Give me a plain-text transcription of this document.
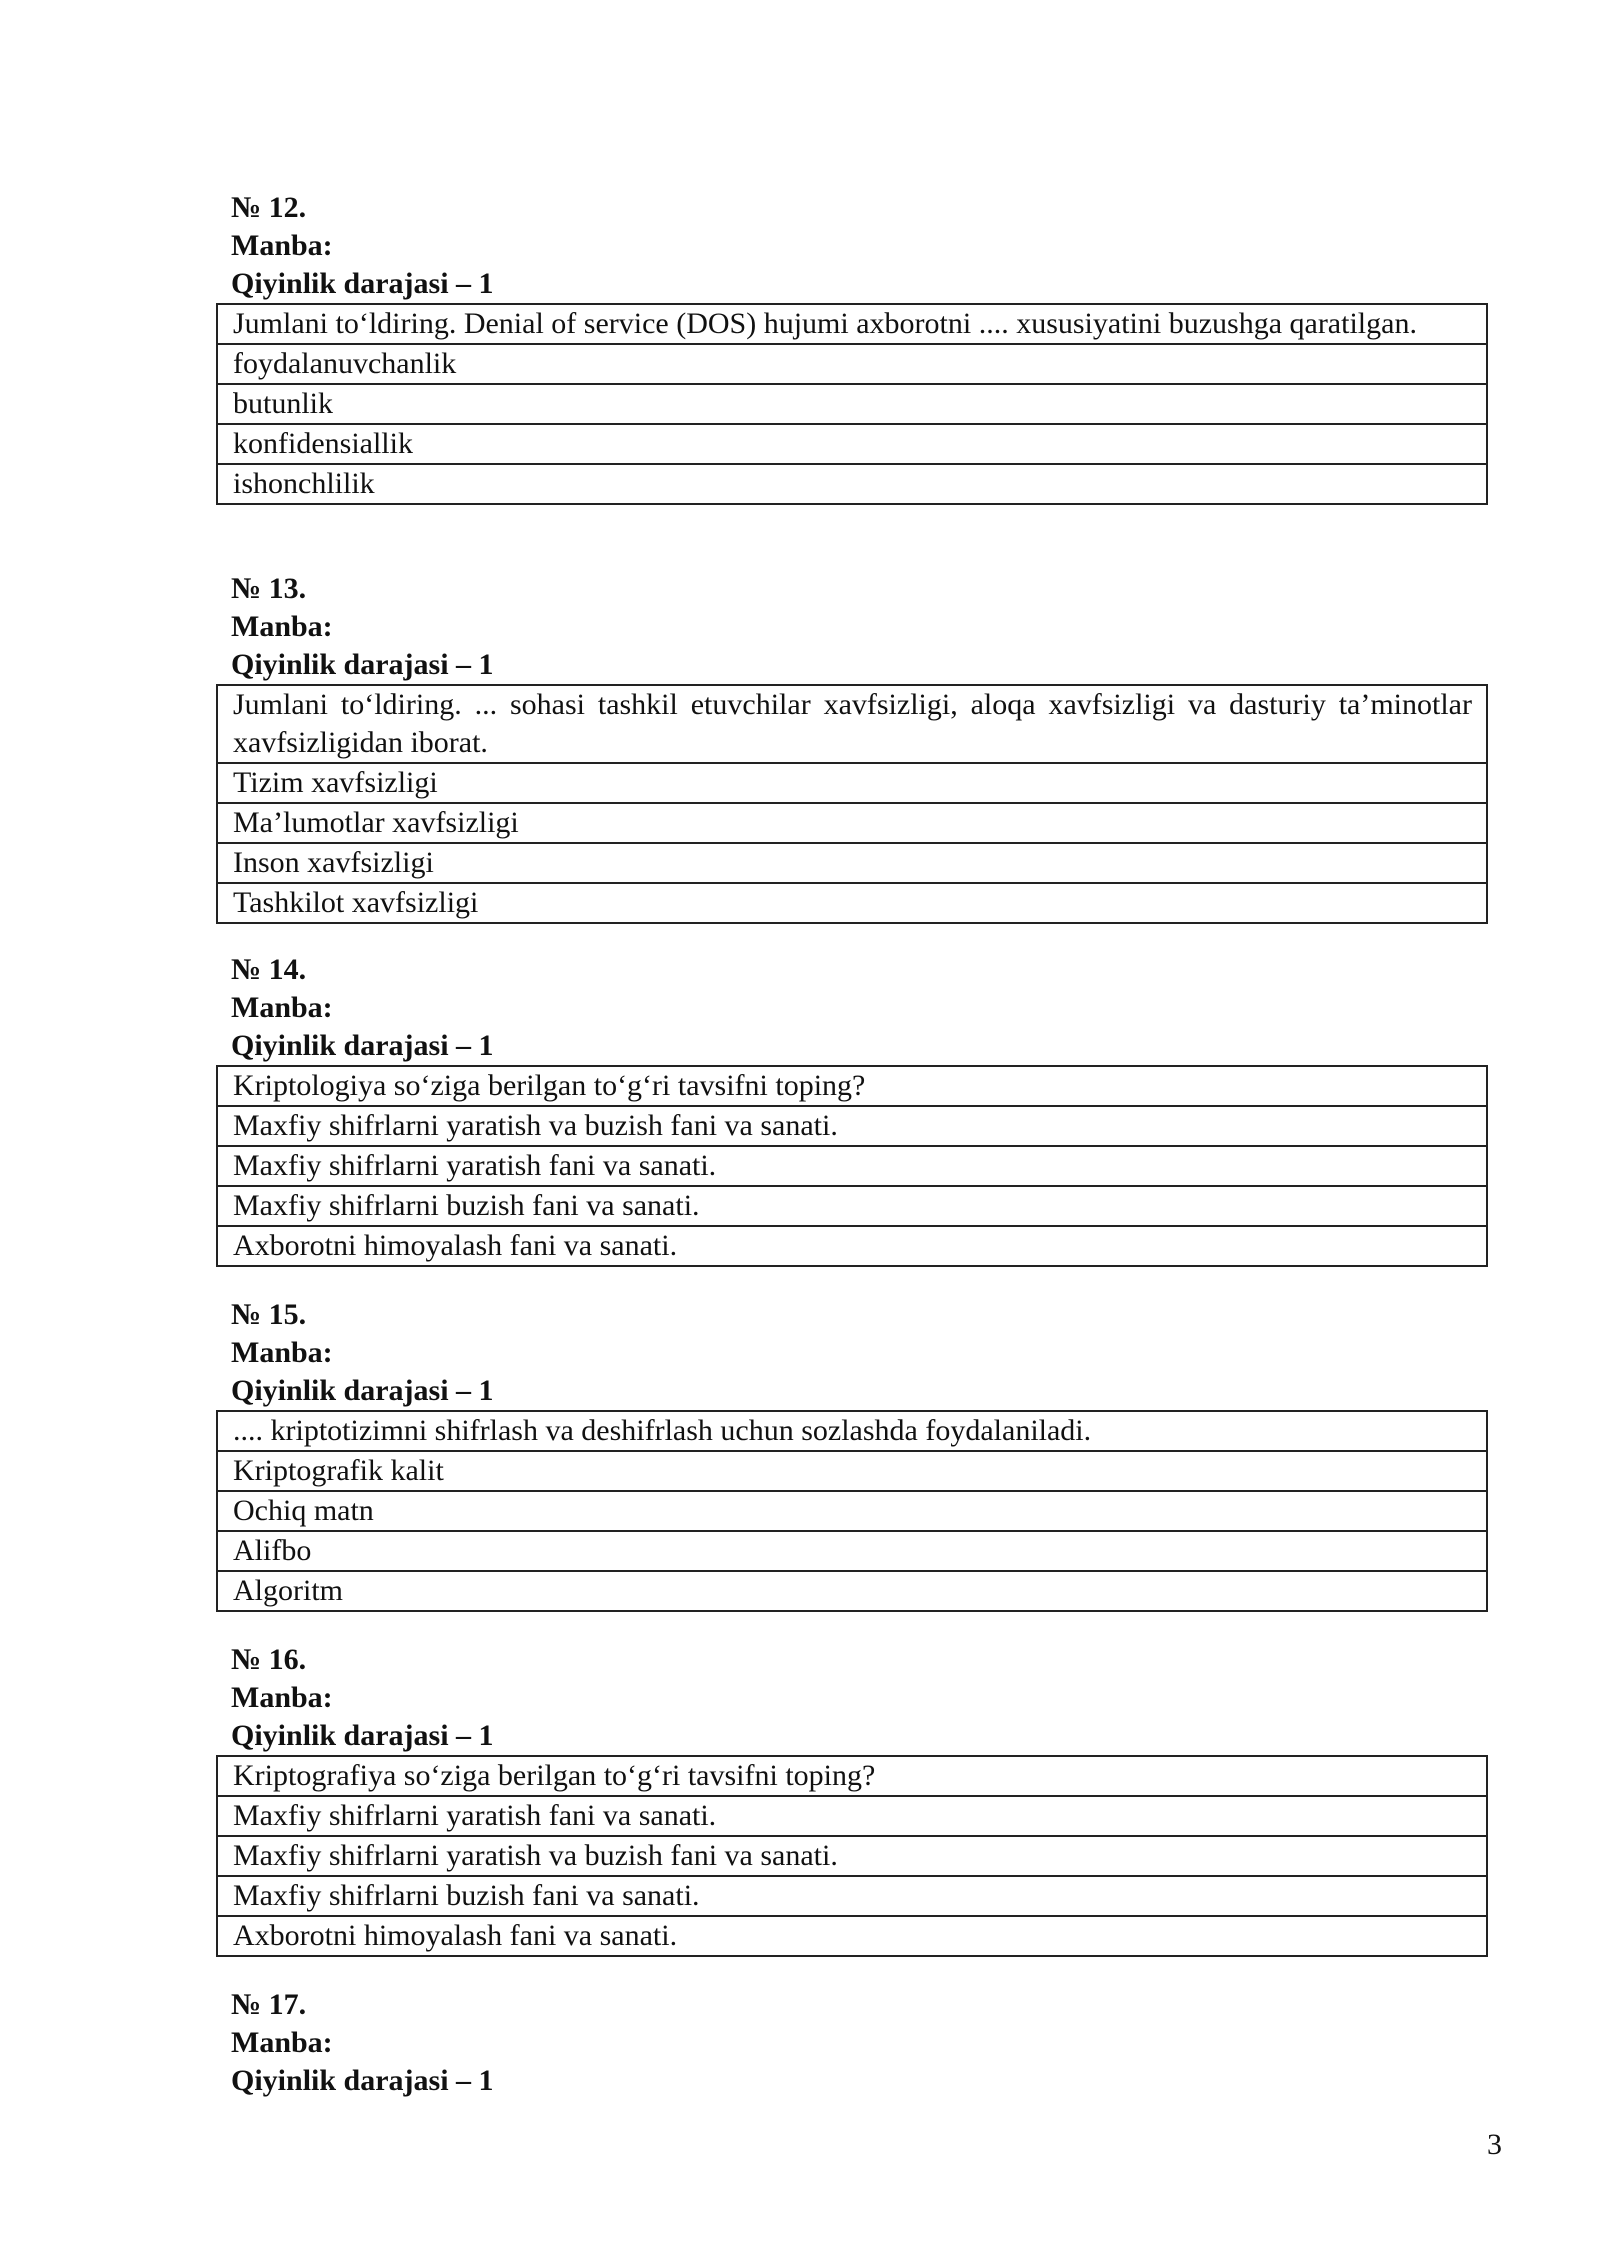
№ 12.
Manba:
Qiyinlik darajasi – 1
Jumlani to‘ldiring. Denial of service (DOS) hujumi axborotni .... xususiyatini buzushga qaratilgan.
foydalanuvchanlik
butunlik
konfidensiallik
ishonchlilik
№ 13.
Manba:
Qiyinlik darajasi – 1
Jumlani to‘ldiring. ... sohasi tashkil etuvchilar xavfsizligi, aloqa xavfsizligi va dasturiy ta’minotlar xavfsizligidan iborat.
Tizim xavfsizligi
Ma’lumotlar xavfsizligi
Inson xavfsizligi
Tashkilot xavfsizligi
№ 14.
Manba:
Qiyinlik darajasi – 1
Kriptologiya so‘ziga berilgan to‘g‘ri tavsifni toping?
Maxfiy shifrlarni yaratish va buzish fani va sanati.
Maxfiy shifrlarni yaratish fani va sanati.
Maxfiy shifrlarni buzish fani va sanati.
Axborotni himoyalash fani va sanati.
№ 15.
Manba:
Qiyinlik darajasi – 1
.... kriptotizimni shifrlash va deshifrlash uchun sozlashda foydalaniladi.
Kriptografik kalit
Ochiq matn
Alifbo
Algoritm
№ 16.
Manba:
Qiyinlik darajasi – 1
Kriptografiya so‘ziga berilgan to‘g‘ri tavsifni toping?
Maxfiy shifrlarni yaratish fani va sanati.
Maxfiy shifrlarni yaratish va buzish fani va sanati.
Maxfiy shifrlarni buzish fani va sanati.
Axborotni himoyalash fani va sanati.
№ 17.
Manba:
Qiyinlik darajasi – 1
3
